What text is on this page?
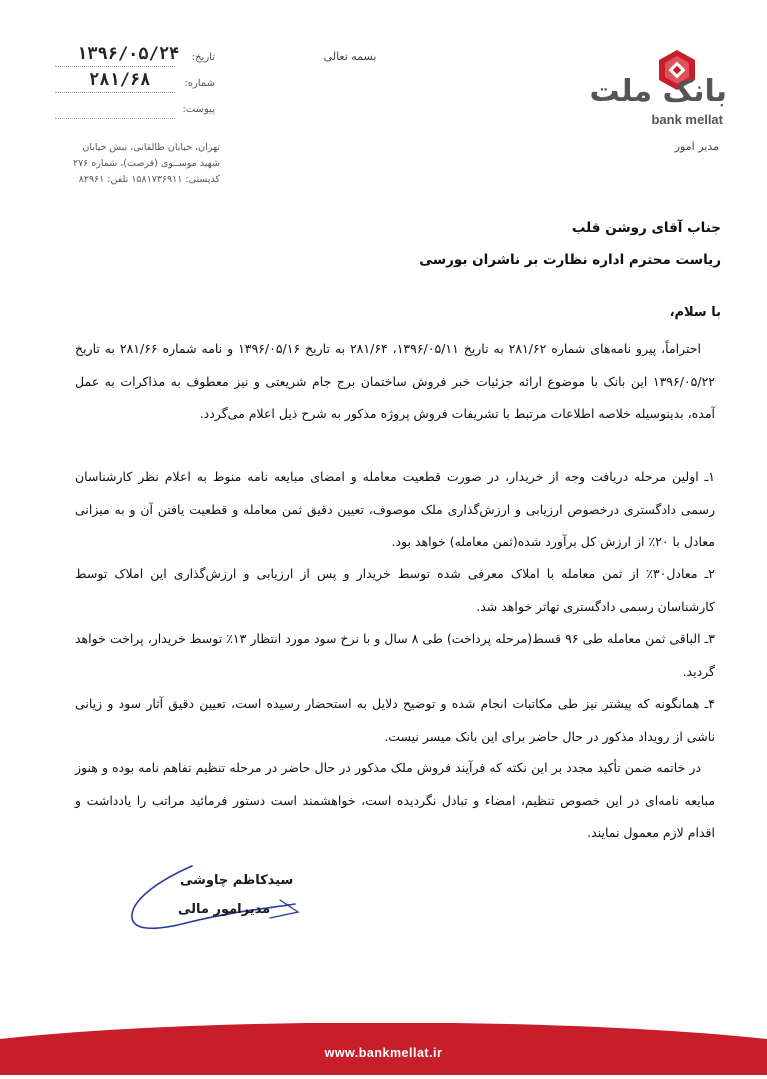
بانک ملت
bank mellat
مدیر امور
بسمه تعالی
تاریخ:
۱۳۹۶/۰۵/۲۴
شماره:
۲۸۱/۶۸
پیوست:
تهران، خیابان طالقانی، نبش خیابان
شهید موســوی (فرصت)، شماره ۲۷۶
کدپستی: ۱۵۸۱۷۳۶۹۱۱ تلفن: ۸۲۹۶۱
جناب آقای روشن قلب
ریاست محترم اداره نظارت بر ناشران بورسی
با سلام،
احتراماً، پیرو نامه‌های شماره ۲۸۱/۶۲ به تاریخ ۱۳۹۶/۰۵/۱۱، ۲۸۱/۶۴ به تاریخ ۱۳۹۶/۰۵/۱۶ و نامه شماره ۲۸۱/۶۶ به تاریخ ۱۳۹۶/۰۵/۲۲ این بانک با موضوع ارائه جزئیات خبر فروش ساختمان برج جام شریعتی و نیز معطوف به مذاکرات به عمل آمده، بدینوسیله خلاصه اطلاعات مرتبط با تشریفات فروش پروژه مذکور به شرح ذیل اعلام می‌گردد.
۱ـ اولین مرحله دریافت وجه از خریدار، در صورت قطعیت معامله و امضای مبایعه نامه منوط به اعلام نظر کارشناسان رسمی دادگستری درخصوص ارزیابی و ارزش‌گذاری ملک موصوف، تعیین دقیق ثمن معامله و قطعیت یافتن آن و به میزانی معادل با ۲۰٪ از ارزش کل برآورد شده(ثمن معامله) خواهد بود.
۲ـ معادل۳۰٪ از ثمن معامله با املاک معرفی شده توسط خریدار و پس از ارزیابی و ارزش‌گذاری این املاک توسط کارشناسان رسمی دادگستری تهاتر خواهد شد.
۳ـ الباقی ثمن معامله طی ۹۶ قسط(مرحله پرداخت) طی ۸ سال و با نرخ سود مورد انتظار ۱۳٪ توسط خریدار، پراخت خواهد گردید.
۴ـ همانگونه که پیشتر نیز طی مکاتبات انجام شده و توضیح دلایل به استحضار رسیده است، تعیین دقیق آثار سود و زیانی ناشی از رویداد مذکور در حال حاضر برای این بانک میسر نیست.
در خاتمه ضمن تأکید مجدد بر این نکته که فرآیند فروش ملک مذکور در حال حاضر در مرحله تنظیم تفاهم نامه بوده و هنوز مبایعه نامه‌ای در این خصوص تنظیم، امضاء و تبادل نگردیده است، خواهشمند است دستور فرمائید مراتب را یادداشت و اقدام لازم معمول نمایند.
سیدکاظم چاوشی
مدیرامور مالی
www.bankmellat.ir
